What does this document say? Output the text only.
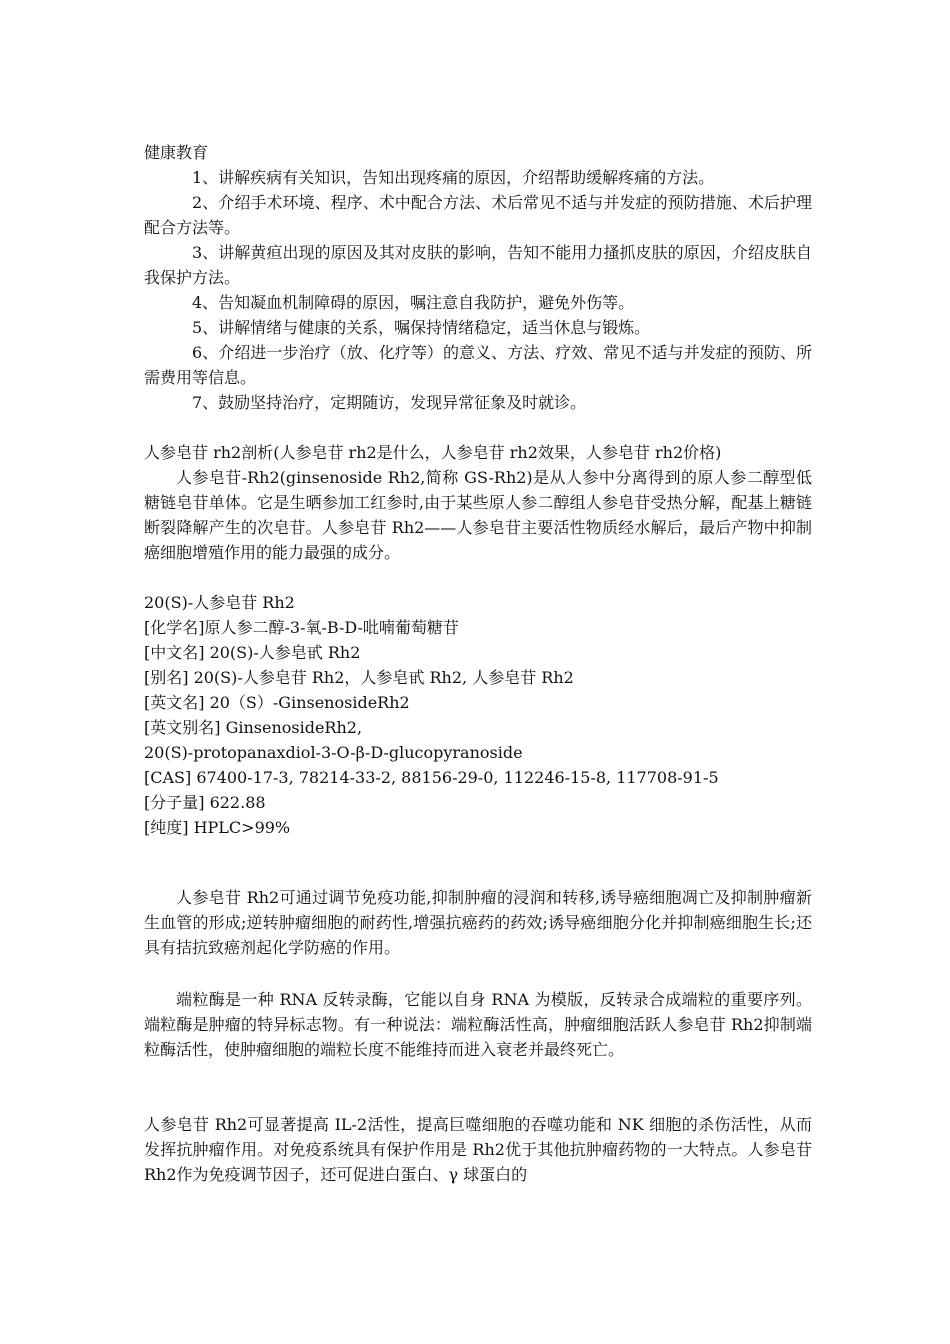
健康教育

1、讲解疾病有关知识，告知出现疼痛的原因，介绍帮助缓解疼痛的方法。

2、介绍手术环境、程序、术中配合方法、术后常见不适与并发症的预防措施、术后护理配合方法等。

3、讲解黄疸出现的原因及其对皮肤的影响，告知不能用力搔抓皮肤的原因，介绍皮肤自我保护方法。

4、告知凝血机制障碍的原因，嘱注意自我防护，避免外伤等。

5、讲解情绪与健康的关系，嘱保持情绪稳定，适当休息与锻炼。

6、介绍进一步治疗（放、化疗等）的意义、方法、疗效、常见不适与并发症的预防、所需费用等信息。

7、鼓励坚持治疗，定期随访，发现异常征象及时就诊。

人参皂苷 rh2剖析(人参皂苷 rh2是什么，人参皂苷 rh2效果，人参皂苷 rh2价格)

人参皂苷-Rh2(ginsenoside Rh2,简称 GS-Rh2)是从人参中分离得到的原人参二醇型低糖链皂苷单体。它是生晒参加工红参时,由于某些原人参二醇组人参皂苷受热分解，配基上糖链断裂降解产生的次皂苷。人参皂苷 Rh2——人参皂苷主要活性物质经水解后，最后产物中抑制癌细胞增殖作用的能力最强的成分。

20(S)-人参皂苷 Rh2

[化学名]原人参二醇-3-氧-B-D-吡喃葡萄糖苷

[中文名] 20(S)-人参皂甙 Rh2

[别名] 20(S)-人参皂苷 Rh2，人参皂甙 Rh2, 人参皂苷 Rh2

[英文名] 20（S）-GinsenosideRh2

[英文别名] GinsenosideRh2,

20(S)-protopanaxdiol-3-O-β-D-glucopyranoside

[CAS] 67400-17-3, 78214-33-2, 88156-29-0, 112246-15-8, 117708-91-5

[分子量] 622.88

[纯度] HPLC>99%

人参皂苷 Rh2可通过调节免疫功能,抑制肿瘤的浸润和转移,诱导癌细胞凋亡及抑制肿瘤新生血管的形成;逆转肿瘤细胞的耐药性,增强抗癌药的药效;诱导癌细胞分化并抑制癌细胞生长;还具有拮抗致癌剂起化学防癌的作用。

端粒酶是一种 RNA 反转录酶，它能以自身 RNA 为模版，反转录合成端粒的重要序列。端粒酶是肿瘤的特异标志物。有一种说法：端粒酶活性高，肿瘤细胞活跃人参皂苷 Rh2抑制端粒酶活性，使肿瘤细胞的端粒长度不能维持而进入衰老并最终死亡。

人参皂苷 Rh2可显著提高 IL-2活性，提高巨噬细胞的吞噬功能和 NK 细胞的杀伤活性，从而发挥抗肿瘤作用。对免疫系统具有保护作用是 Rh2优于其他抗肿瘤药物的一大特点。人参皂苷 Rh2作为免疫调节因子，还可促进白蛋白、γ 球蛋白的
